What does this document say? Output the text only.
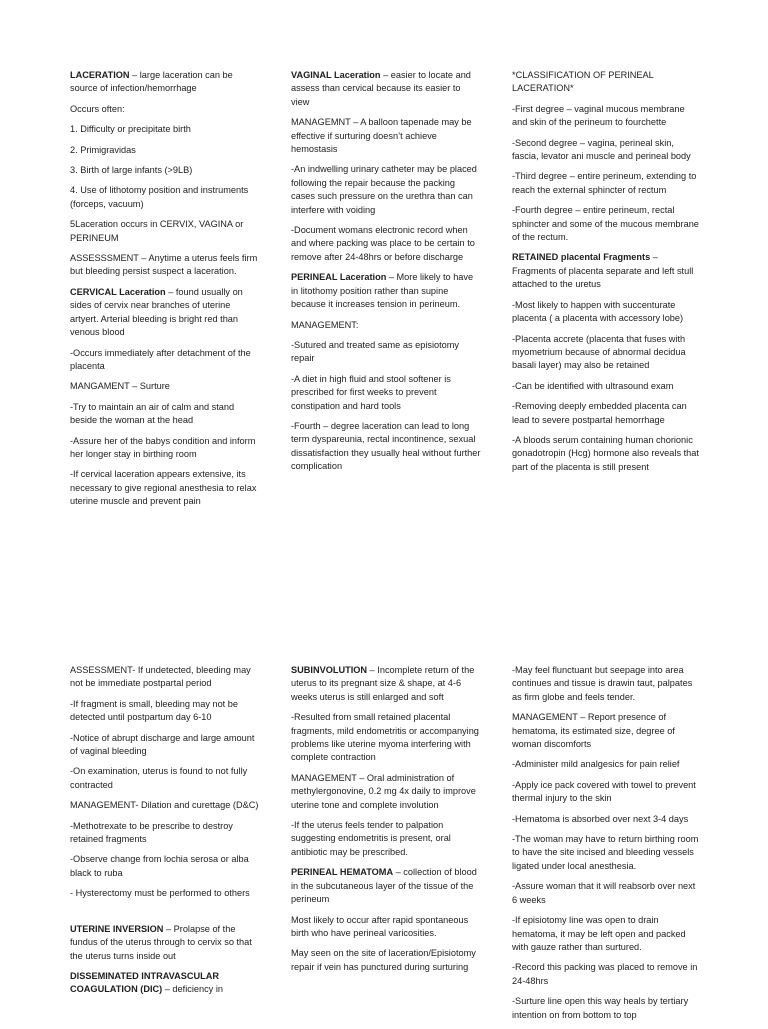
LACERATION – large laceration can be source of infection/hemorrhage

Occurs often:

1. Difficulty or precipitate birth

2. Primigravidas

3. Birth of large infants (>9LB)

4. Use of lithotomy position and instruments (forceps, vacuum)

5Laceration occurs in CERVIX, VAGINA or PERINEUM

ASSESSSMENT – Anytime a uterus feels firm but bleeding persist suspect a laceration.

CERVICAL Laceration – found usually on sides of cervix near branches of uterine artyert. Arterial bleeding is bright red than venous blood

-Occurs immediately after detachment of the placenta

MANGAMENT – Surture

-Try to maintain an air of calm and stand beside the woman at the head

-Assure her of the babys condition and inform her longer stay in birthing room

-If cervical laceration appears extensive, its necessary to give regional anesthesia to relax uterine muscle and prevent pain

VAGINAL Laceration – easier to locate and assess than cervical because its easier to view

MANAGEMNT – A balloon tapenade may be effective if surturing doesn’t achieve hemostasis

-An indwelling urinary catheter may be placed following the repair because the packing cases such pressure on the urethra than can interfere with voiding

-Document womans electronic record when and where packing was place to be certain to remove after 24-48hrs or before discharge

PERINEAL Laceration – More likely to have in litothomy position rather than supine because it increases tension in perineum.

MANAGEMENT:

-Sutured and treated same as episiotomy repair

-A diet in high fluid and stool softener is prescribed for first weeks to prevent constipation and hard tools

-Fourth – degree laceration can lead to long term dyspareunia, rectal incontinence, sexual dissatisfaction they usually heal without further complication

*CLASSIFICATION OF PERINEAL LACERATION*

-First degree – vaginal mucous membrane and skin of the perineum to fourchette

-Second degree – vagina, perineal skin, fascia, levator ani muscle and perineal body

-Third degree – entire perineum, extending to reach the external sphincter of rectum

-Fourth degree – entire perineum, rectal sphincter and some of the mucous membrane of the rectum.

RETAINED placental Fragments – Fragments of placenta separate and left stull attached to the uretus

-Most likely to happen with succenturate placenta ( a placenta with accessory lobe)

-Placenta accrete (placenta that fuses with myometrium because of abnormal decidua basali layer) may also be retained

-Can be identified with ultrasound exam

-Removing deeply embedded placenta can lead to severe postpartal hemorrhage

-A bloods serum containing human chorionic gonadotropin (Hcg) hormone also reveals that part of the placenta is still present

ASSESSMENT- If undetected, bleeding may not be immediate postpartal period

-If fragment is small, bleeding may not be detected until postpartum day 6-10

-Notice of abrupt discharge and large amount of vaginal bleeding

-On examination, uterus is found to not fully contracted

MANAGEMENT- Dilation and curettage (D&C)

-Methotrexate to be prescribe to destroy retained fragments

-Observe change from lochia serosa or alba black to ruba

- Hysterectomy must be performed to others

UTERINE INVERSION – Prolapse of the fundus of the uterus through to cervix so that the uterus turns inside out

DISSEMINATED INTRAVASCULAR COAGULATION (DIC) – deficiency in

SUBINVOLUTION – Incomplete return of the uterus to its pregnant size & shape, at 4-6 weeks uterus is still enlarged and soft

-Resulted from small retained placental fragments, mild endometritis or accompanying problems like uterine myoma interfering with complete contraction

MANAGEMENT – Oral administration of methylergonovine, 0.2 mg 4x daily to improve uterine tone and complete involution

-If the uterus feels tender to palpation suggesting endometritis is present, oral antibiotic may be prescribed.

PERINEAL HEMATOMA – collection of blood in the subcutaneous layer of the tissue of the perineum

Most likely to occur after rapid spontaneous birth who have perineal varicosities.

May seen on the site of laceration/Episiotomy repair if vein has punctured during surturing

-May feel flunctuant but seepage into area continues and tissue is drawin taut, palpates as firm globe and feels tender.

MANAGEMENT – Report presence of hematoma, its estimated size, degree of woman discomforts

-Administer mild analgesics for pain relief

-Apply ice pack covered with towel to prevent thermal injury to the skin

-Hematoma is absorbed over next 3-4 days

-The woman may have to return birthing room to have the site incised and bleeding vessels ligated under local anesthesia.

-Assure woman that it will reabsorb over next 6 weeks

-If episiotomy line was open to drain hematoma, it may be left open and packed with gauze rather than surtured.

-Record this packing was placed to remove in 24-48hrs

-Surture line open this way heals by tertiary intention on from bottom to top
